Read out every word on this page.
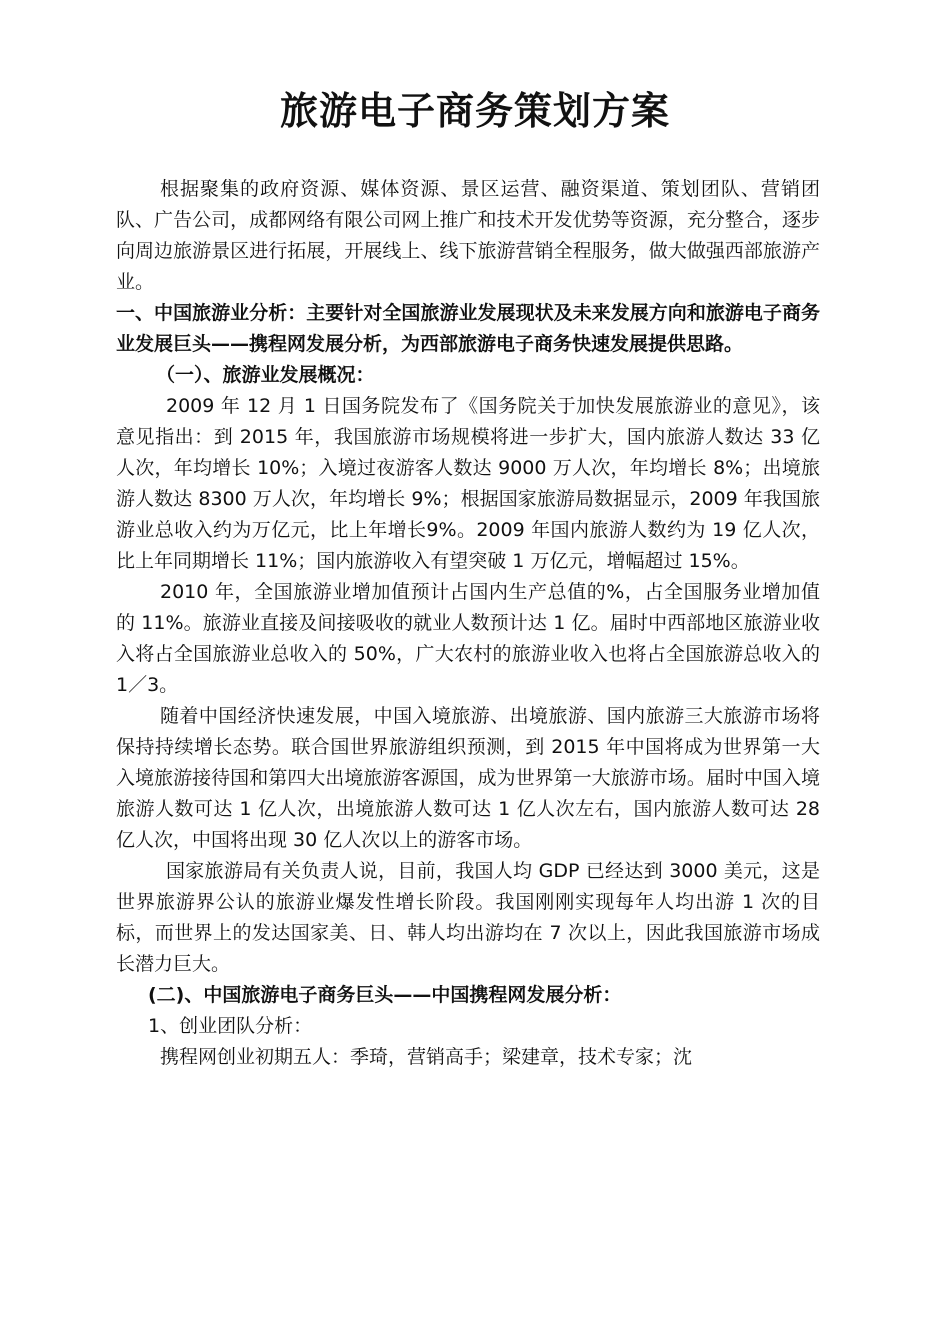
旅游电子商务策划方案

根据聚集的政府资源、媒体资源、景区运营、融资渠道、策划团队、营销团队、广告公司，成都网络有限公司网上推广和技术开发优势等资源，充分整合，逐步向周边旅游景区进行拓展，开展线上、线下旅游营销全程服务，做大做强西部旅游产业。

一、中国旅游业分析：主要针对全国旅游业发展现状及未来发展方向和旅游电子商务业发展巨头——携程网发展分析，为西部旅游电子商务快速发展提供思路。

（一）、旅游业发展概况：

2009 年 12 月 1 日国务院发布了《国务院关于加快发展旅游业的意见》，该意见指出：到 2015 年，我国旅游市场规模将进一步扩大，国内旅游人数达 33 亿人次，年均增长 10%；入境过夜游客人数达 9000 万人次，年均增长 8%；出境旅游人数达 8300 万人次，年均增长 9%；根据国家旅游局数据显示，2009 年我国旅游业总收入约为万亿元，比上年增长9%。2009 年国内旅游人数约为 19 亿人次，比上年同期增长 11%；国内旅游收入有望突破 1 万亿元，增幅超过 15%。

2010 年，全国旅游业增加值预计占国内生产总值的%，占全国服务业增加值的 11%。旅游业直接及间接吸收的就业人数预计达 1 亿。届时中西部地区旅游业收入将占全国旅游业总收入的 50%，广大农村的旅游业收入也将占全国旅游总收入的 1／3。

随着中国经济快速发展，中国入境旅游、出境旅游、国内旅游三大旅游市场将保持持续增长态势。联合国世界旅游组织预测，到 2015 年中国将成为世界第一大入境旅游接待国和第四大出境旅游客源国，成为世界第一大旅游市场。届时中国入境旅游人数可达 1 亿人次，出境旅游人数可达 1 亿人次左右，国内旅游人数可达 28 亿人次，中国将出现 30 亿人次以上的游客市场。

国家旅游局有关负责人说，目前，我国人均 GDP 已经达到 3000 美元，这是世界旅游界公认的旅游业爆发性增长阶段。我国刚刚实现每年人均出游 1 次的目标，而世界上的发达国家美、日、韩人均出游均在 7 次以上，因此我国旅游市场成长潜力巨大。

(二)、中国旅游电子商务巨头——中国携程网发展分析：

1、创业团队分析：

携程网创业初期五人：季琦，营销高手；梁建章，技术专家；沈
